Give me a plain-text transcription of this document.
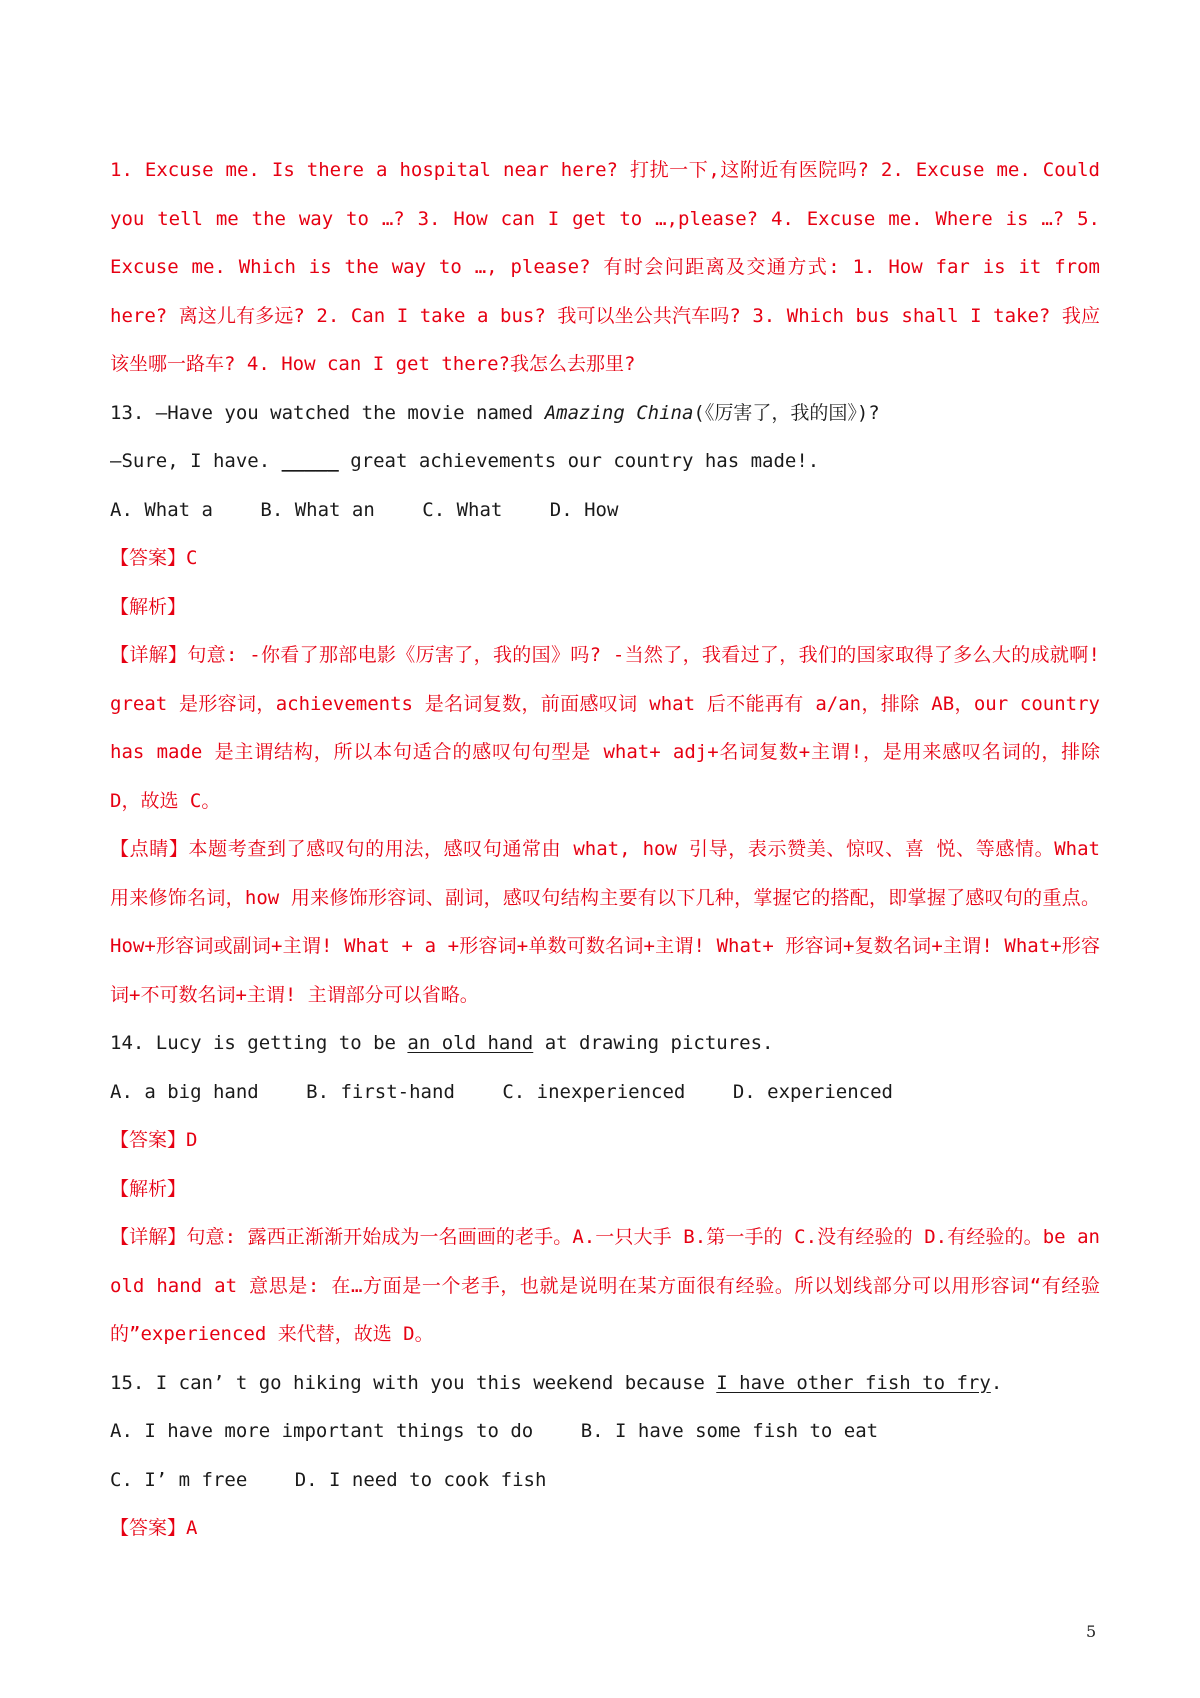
1. Excuse me. Is there a hospital near here? 打扰一下,这附近有医院吗? 2. Excuse me. Could you tell me the way to …? 3. How can I get to …,please? 4. Excuse me. Where is …? 5. Excuse me. Which is the way to …, please? 有时会问距离及交通方式: 1. How far is it from here? 离这儿有多远? 2. Can I take a bus? 我可以坐公共汽车吗? 3. Which bus shall I take? 我应该坐哪一路车? 4. How can I get there?我怎么去那里?

13. —Have you watched the movie named Amazing China(《厉害了，我的国》)?

—Sure, I have. _____ great achievements our country has made!.

A. What a B. What an C. What D. How

【答案】C

【解析】

【详解】句意: -你看了那部电影《厉害了，我的国》吗? -当然了，我看过了，我们的国家取得了多么大的成就啊! great 是形容词，achievements 是名词复数，前面感叹词 what 后不能再有 a/an，排除 AB，our country has made 是主谓结构，所以本句适合的感叹句句型是 what+ adj+名词复数+主谓!，是用来感叹名词的，排除 D，故选 C。

【点睛】本题考查到了感叹句的用法，感叹句通常由 what, how 引导，表示赞美、惊叹、喜 悦、等感情。What 用来修饰名词，how 用来修饰形容词、副词，感叹句结构主要有以下几种，掌握它的搭配，即掌握了感叹句的重点。How+形容词或副词+主谓! What + a +形容词+单数可数名词+主谓! What+ 形容词+复数名词+主谓! What+形容词+不可数名词+主谓! 主谓部分可以省略。

14. Lucy is getting to be an old hand at drawing pictures.

A. a big hand B. first-hand C. inexperienced D. experienced

【答案】D

【解析】

【详解】句意: 露西正渐渐开始成为一名画画的老手。A.一只大手 B.第一手的 C.没有经验的 D.有经验的。be an old hand at 意思是: 在…方面是一个老手，也就是说明在某方面很有经验。所以划线部分可以用形容词“有经验的”experienced 来代替，故选 D。

15. I can’ t go hiking with you this weekend because I have other fish to fry.

A. I have more important things to do B. I have some fish to eat

C. I’ m free D. I need to cook fish

【答案】A

5
